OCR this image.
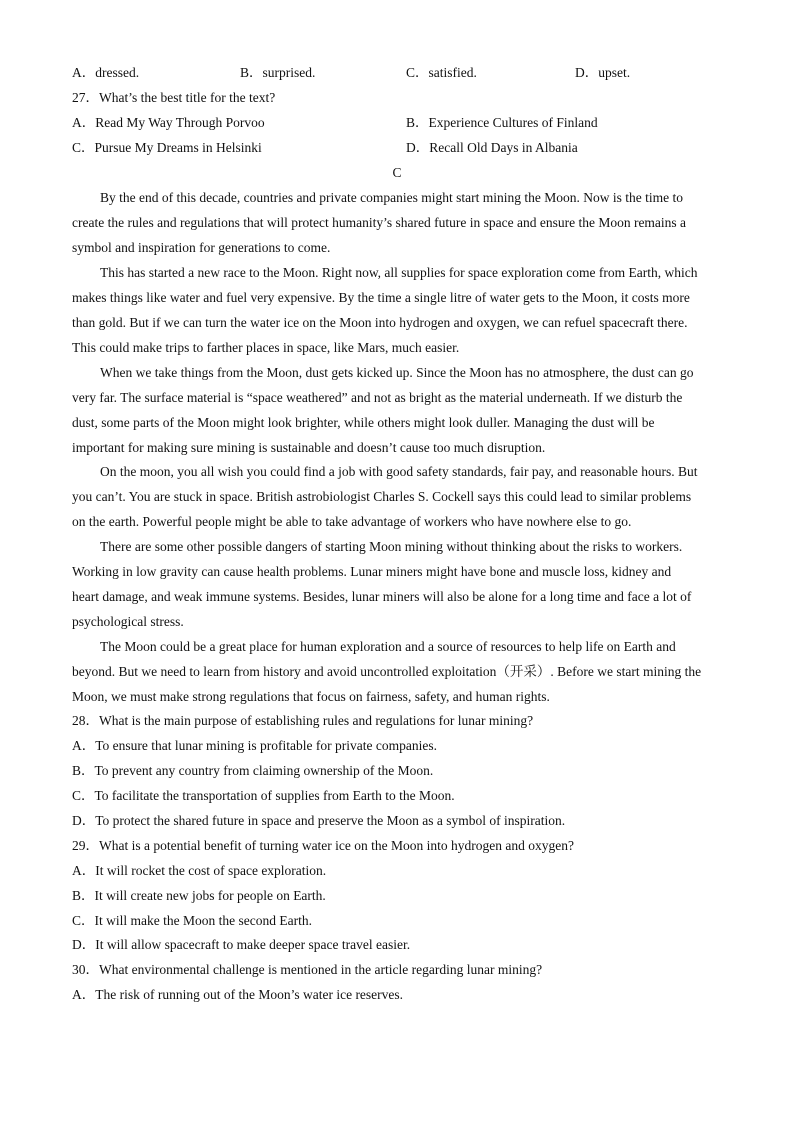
A．dressed.	B．surprised.	C．satisfied.	D．upset.
27．What’s the best title for the text?
A．Read My Way Through Porvoo	B．Experience Cultures of Finland
C．Pursue My Dreams in Helsinki	D．Recall Old Days in Albania
C
By the end of this decade, countries and private companies might start mining the Moon. Now is the time to
create the rules and regulations that will protect humanity’s shared future in space and ensure the Moon remains a
symbol and inspiration for generations to come.
This has started a new race to the Moon. Right now, all supplies for space exploration come from Earth, which
makes things like water and fuel very expensive. By the time a single litre of water gets to the Moon, it costs more
than gold. But if we can turn the water ice on the Moon into hydrogen and oxygen, we can refuel spacecraft there.
This could make trips to farther places in space, like Mars, much easier.
When we take things from the Moon, dust gets kicked up. Since the Moon has no atmosphere, the dust can go
very far. The surface material is “space weathered” and not as bright as the material underneath. If we disturb the
dust, some parts of the Moon might look brighter, while others might look duller. Managing the dust will be
important for making sure mining is sustainable and doesn’t cause too much disruption.
On the moon, you all wish you could find a job with good safety standards, fair pay, and reasonable hours. But
you can’t. You are stuck in space. British astrobiologist Charles S. Cockell says this could lead to similar problems
on the earth. Powerful people might be able to take advantage of workers who have nowhere else to go.
There are some other possible dangers of starting Moon mining without thinking about the risks to workers.
Working in low gravity can cause health problems. Lunar miners might have bone and muscle loss, kidney and
heart damage, and weak immune systems. Besides, lunar miners will also be alone for a long time and face a lot of
psychological stress.
The Moon could be a great place for human exploration and a source of resources to help life on Earth and
beyond. But we need to learn from history and avoid uncontrolled exploitation（开采）. Before we start mining the
Moon, we must make strong regulations that focus on fairness, safety, and human rights.
28．What is the main purpose of establishing rules and regulations for lunar mining?
A．To ensure that lunar mining is profitable for private companies.
B．To prevent any country from claiming ownership of the Moon.
C．To facilitate the transportation of supplies from Earth to the Moon.
D．To protect the shared future in space and preserve the Moon as a symbol of inspiration.
29．What is a potential benefit of turning water ice on the Moon into hydrogen and oxygen?
A．It will rocket the cost of space exploration.
B．It will create new jobs for people on Earth.
C．It will make the Moon the second Earth.
D．It will allow spacecraft to make deeper space travel easier.
30．What environmental challenge is mentioned in the article regarding lunar mining?
A．The risk of running out of the Moon’s water ice reserves.
